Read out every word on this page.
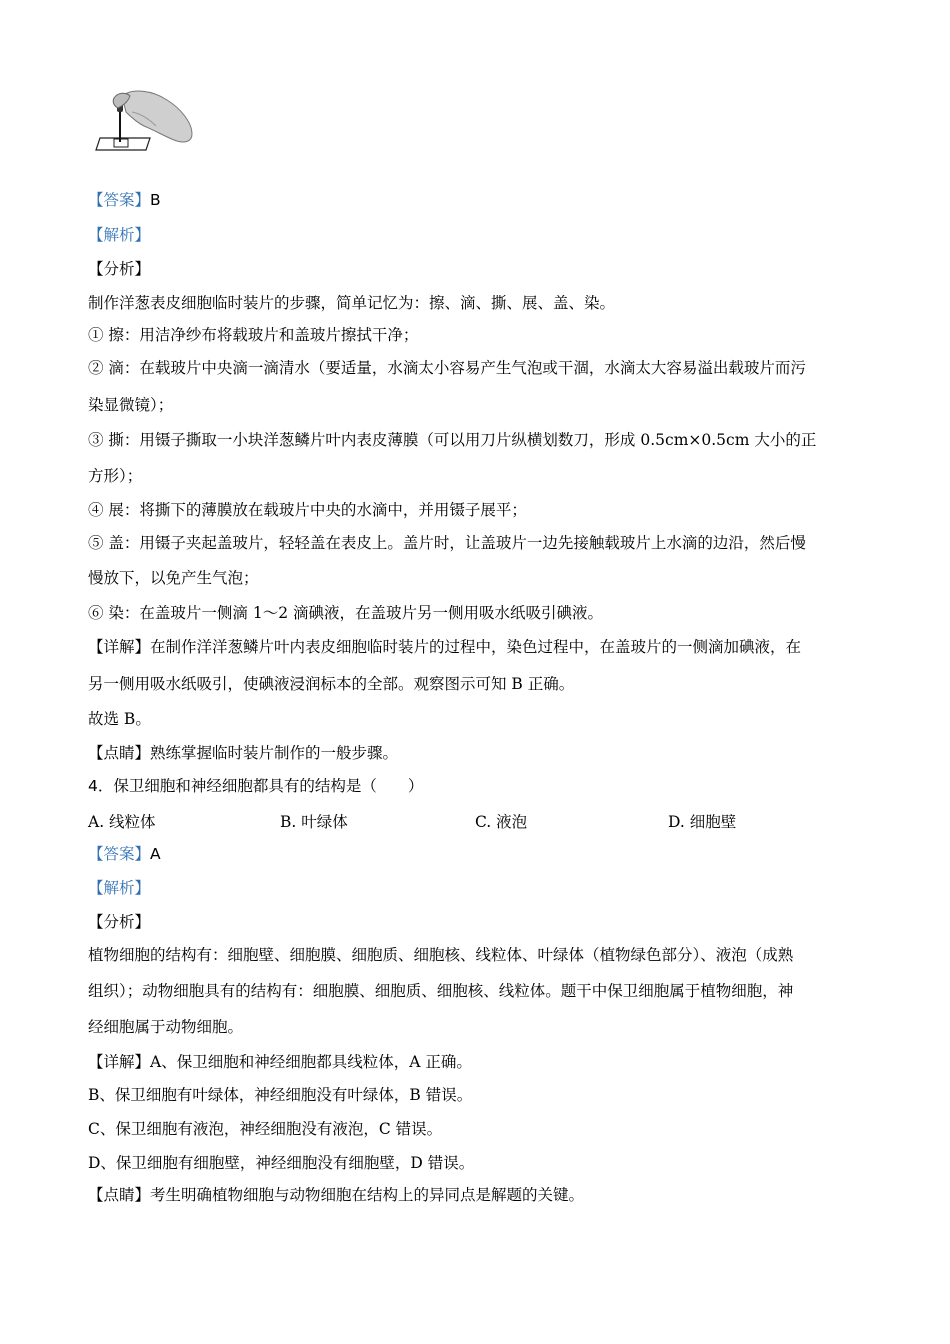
【答案】B
【解析】
【分析】
制作洋葱表皮细胞临时装片的步骤，简单记忆为：擦、滴、撕、展、盖、染。
① 擦：用洁净纱布将载玻片和盖玻片擦拭干净；
② 滴：在载玻片中央滴一滴清水（要适量，水滴太小容易产生气泡或干涸，水滴太大容易溢出载玻片而污
染显微镜）；
③ 撕：用镊子撕取一小块洋葱鳞片叶内表皮薄膜（可以用刀片纵横划数刀，形成 0.5cm×0.5cm 大小的正
方形）；
④ 展：将撕下的薄膜放在载玻片中央的水滴中，并用镊子展平；
⑤ 盖：用镊子夹起盖玻片，轻轻盖在表皮上。盖片时，让盖玻片一边先接触载玻片上水滴的边沿，然后慢
慢放下，以免产生气泡；
⑥ 染：在盖玻片一侧滴 1～2 滴碘液，在盖玻片另一侧用吸水纸吸引碘液。
【详解】在制作洋洋葱鳞片叶内表皮细胞临时装片的过程中，染色过程中，在盖玻片的一侧滴加碘液，在
另一侧用吸水纸吸引，使碘液浸润标本的全部。观察图示可知 B 正确。
故选 B。
【点睛】熟练掌握临时装片制作的一般步骤。
4．保卫细胞和神经细胞都具有的结构是（　　）
A. 线粒体	B. 叶绿体	C. 液泡	D. 细胞壁
【答案】A
【解析】
【分析】
植物细胞的结构有：细胞壁、细胞膜、细胞质、细胞核、线粒体、叶绿体（植物绿色部分）、液泡（成熟
组织）；动物细胞具有的结构有：细胞膜、细胞质、细胞核、线粒体。题干中保卫细胞属于植物细胞，神
经细胞属于动物细胞。
【详解】A、保卫细胞和神经细胞都具线粒体，A 正确。
B、保卫细胞有叶绿体，神经细胞没有叶绿体，B 错误。
C、保卫细胞有液泡，神经细胞没有液泡，C 错误。
D、保卫细胞有细胞壁，神经细胞没有细胞壁，D 错误。
【点睛】考生明确植物细胞与动物细胞在结构上的异同点是解题的关键。
